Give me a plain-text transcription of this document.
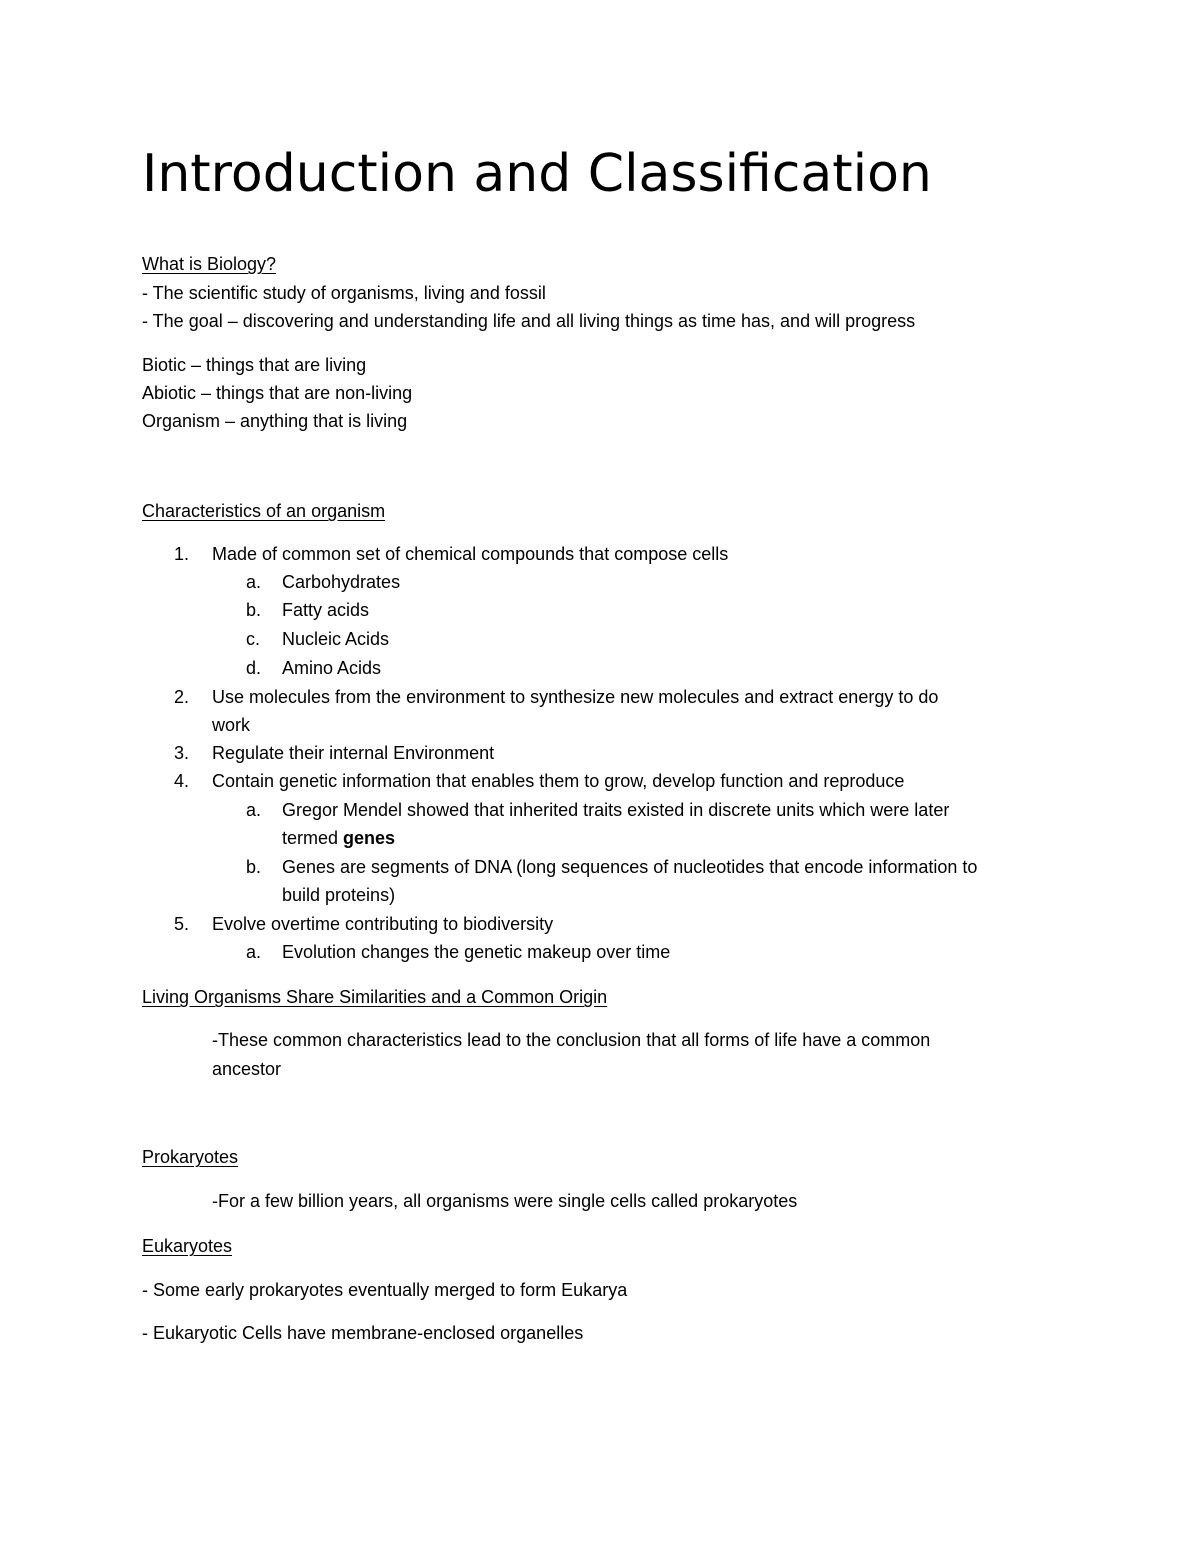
Introduction and Classification
What is Biology?
- The scientific study of organisms, living and fossil
- The goal – discovering and understanding life and all living things as time has, and will progress
Biotic – things that are living
Abiotic – things that are non-living
Organism – anything that is living
Characteristics of an organism
1. Made of common set of chemical compounds that compose cells
a. Carbohydrates
b. Fatty acids
c. Nucleic Acids
d. Amino Acids
2. Use molecules from the environment to synthesize new molecules and extract energy to do
work
3. Regulate their internal Environment
4. Contain genetic information that enables them to grow, develop function and reproduce
a. Gregor Mendel showed that inherited traits existed in discrete units which were later
termed genes
b. Genes are segments of DNA (long sequences of nucleotides that encode information to
build proteins)
5. Evolve overtime contributing to biodiversity
a. Evolution changes the genetic makeup over time
Living Organisms Share Similarities and a Common Origin
-These common characteristics lead to the conclusion that all forms of life have a common
ancestor
Prokaryotes
-For a few billion years, all organisms were single cells called prokaryotes
Eukaryotes
- Some early prokaryotes eventually merged to form Eukarya
- Eukaryotic Cells have membrane-enclosed organelles
